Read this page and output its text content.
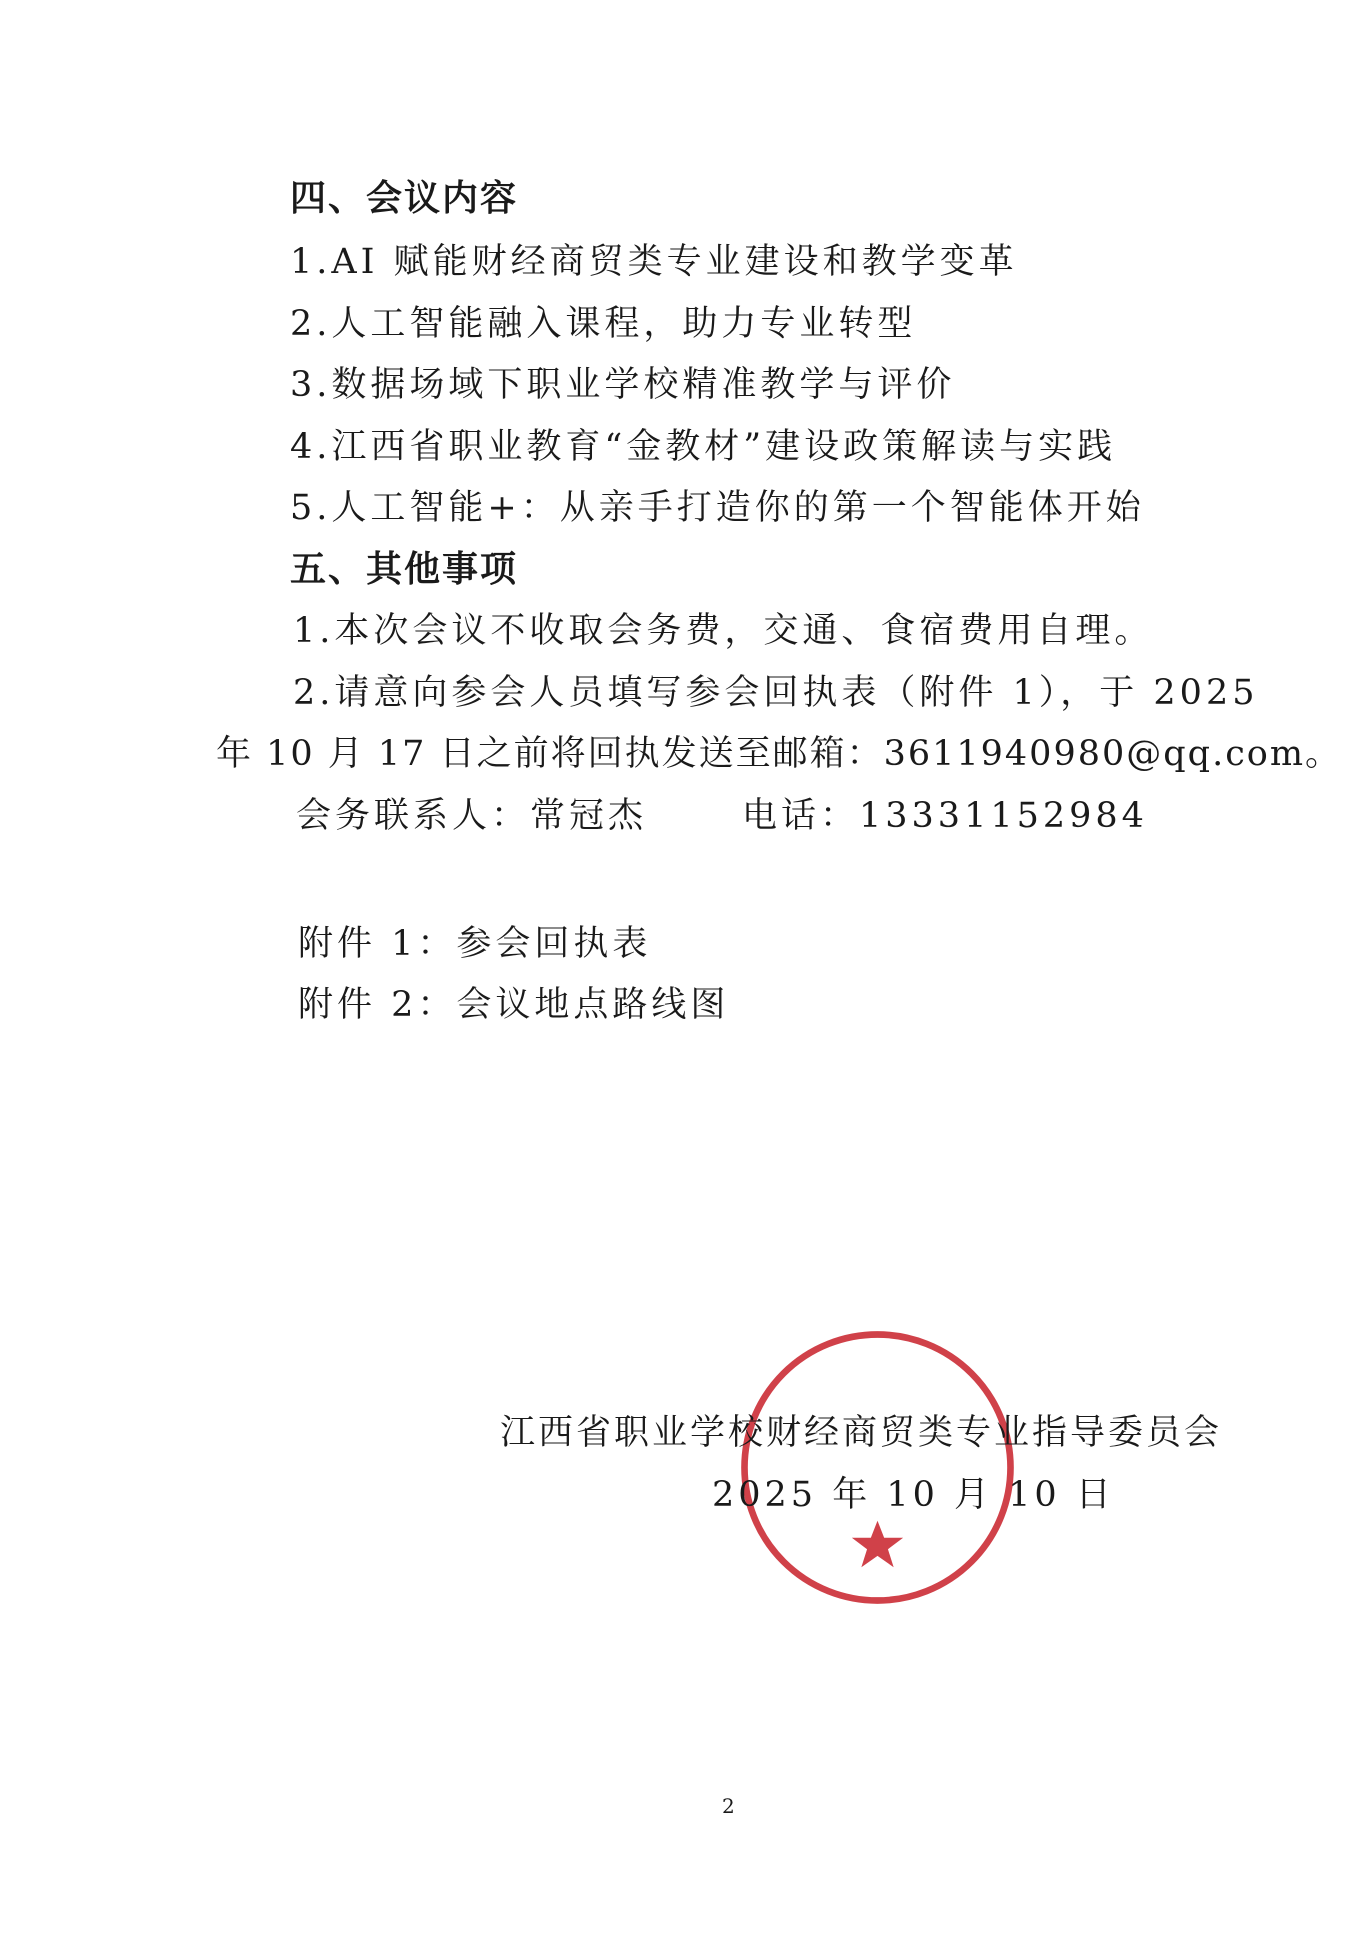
四、会议内容
1.AI 赋能财经商贸类专业建设和教学变革
2.人工智能融入课程，助力专业转型
3.数据场域下职业学校精准教学与评价
4.江西省职业教育“金教材”建设政策解读与实践
5.人工智能+：从亲手打造你的第一个智能体开始
五、其他事项
1.本次会议不收取会务费，交通、食宿费用自理。
2.请意向参会人员填写参会回执表（附件 1），于 2025
年 10 月 17 日之前将回执发送至邮箱：3611940980@qq.com。
会务联系人：常冠杰	电话：13331152984
附件 1：参会回执表
附件 2：会议地点路线图
江西省职业学校财经商贸类专业指导委员会
2025 年 10 月 10 日
2
